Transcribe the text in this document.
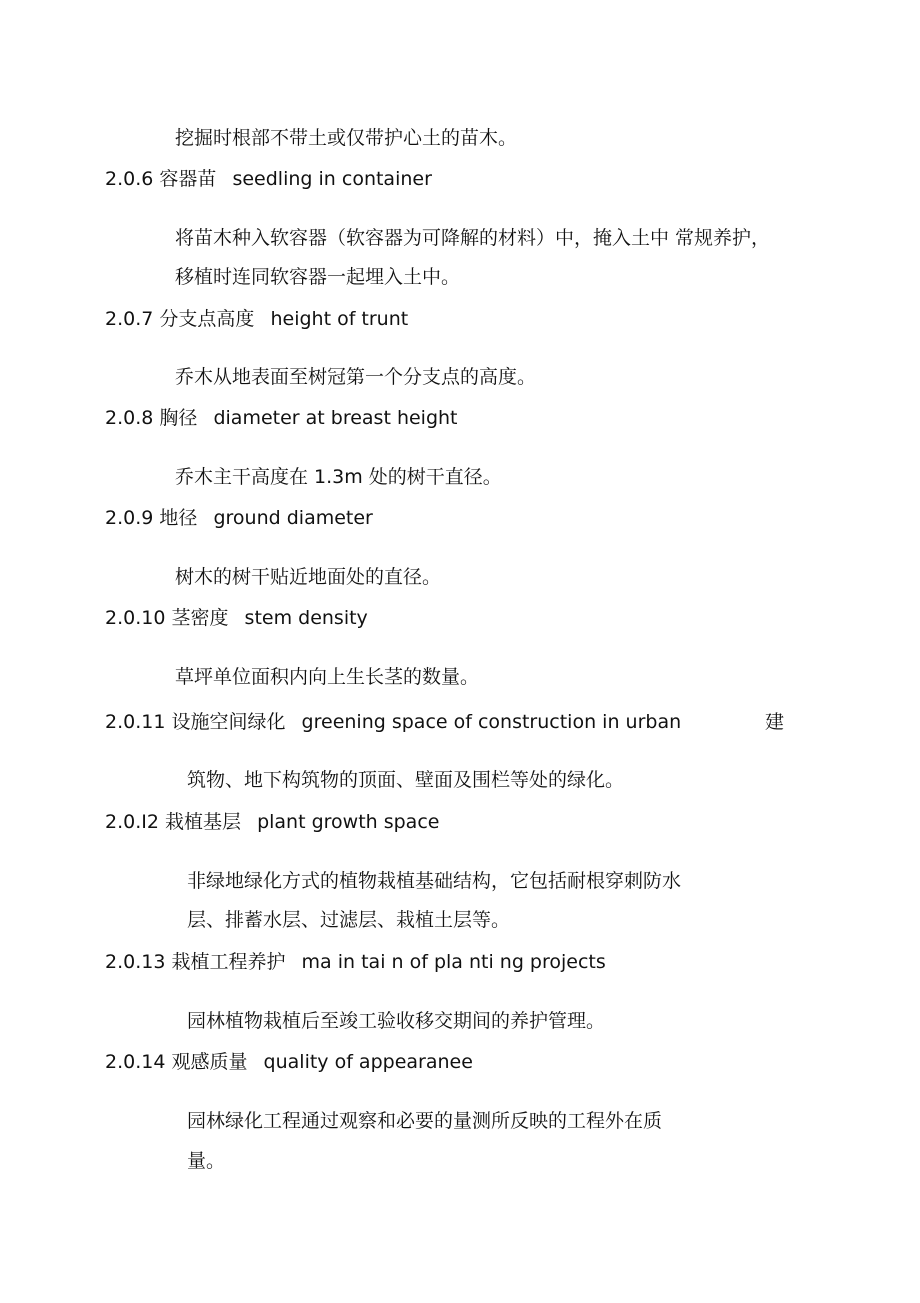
挖掘时根部不带土或仅带护心土的苗木。
2.0.6 容器苗 seedling in container
将苗木种入软容器（软容器为可降解的材料）中，掩入土中 常规养护，
移植时连同软容器一起埋入土中。
2.0.7 分支点高度 height of trunt
乔木从地表面至树冠第一个分支点的高度。
2.0.8 胸径 diameter at breast height
乔木主干高度在 1.3m 处的树干直径。
2.0.9 地径 ground diameter
树木的树干贴近地面处的直径。
2.0.10 茎密度 stem density
草坪单位面积内向上生长茎的数量。
2.0.11 设施空间绿化 greening space of construction in urban	建
筑物、地下构筑物的顶面、壁面及围栏等处的绿化。
2.0.I2 栽植基层 plant growth space
非绿地绿化方式的植物栽植基础结构，它包括耐根穿刺防水
层、排蓄水层、过滤层、栽植土层等。
2.0.13 栽植工程养护 ma in tai n of pla nti ng projects
园林植物栽植后至竣工验收移交期间的养护管理。
2.0.14 观感质量 quality of appearanee
园林绿化工程通过观察和必要的量测所反映的工程外在质
量。
